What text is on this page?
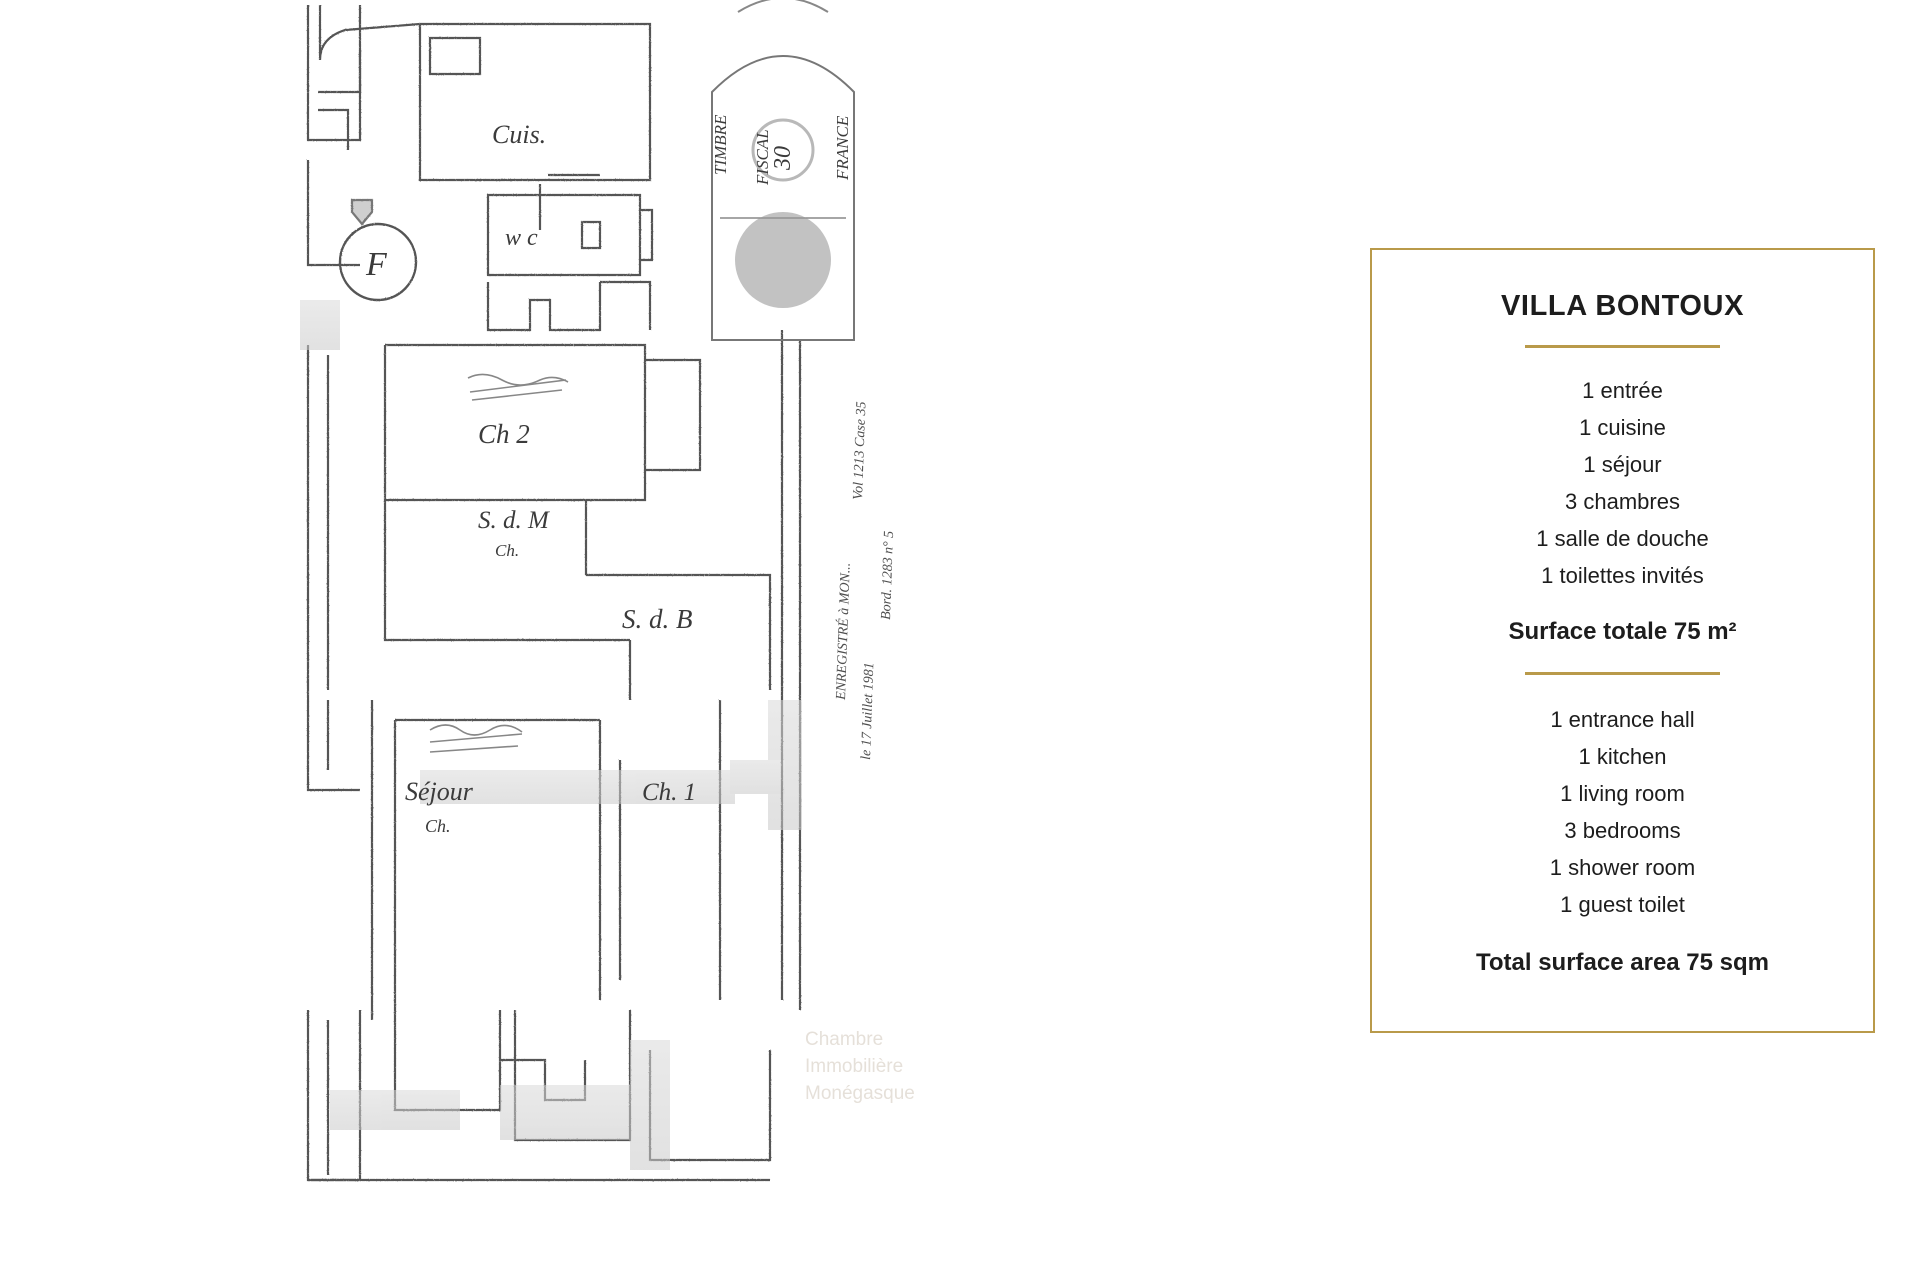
TIMBRE FISCAL	FRANCE
30
Cuis.
w c
Ch 2
S. d. M
Ch.
S. d. B
Séjour
Ch.
Ch. 1
F
ENREGISTRÉ à MON...
le 17 Juillet 1981
Vol 1213 Case 35
Bord. 1283 n° 5
Chambre
Immobilière
Monégasque
VILLA BONTOUX
1 entrée
1 cuisine
1 séjour
3 chambres
1 salle de douche
1 toilettes invités
Surface totale 75 m²
1 entrance hall
1 kitchen
1 living room
3 bedrooms
1 shower room
1 guest toilet
Total surface area 75 sqm
